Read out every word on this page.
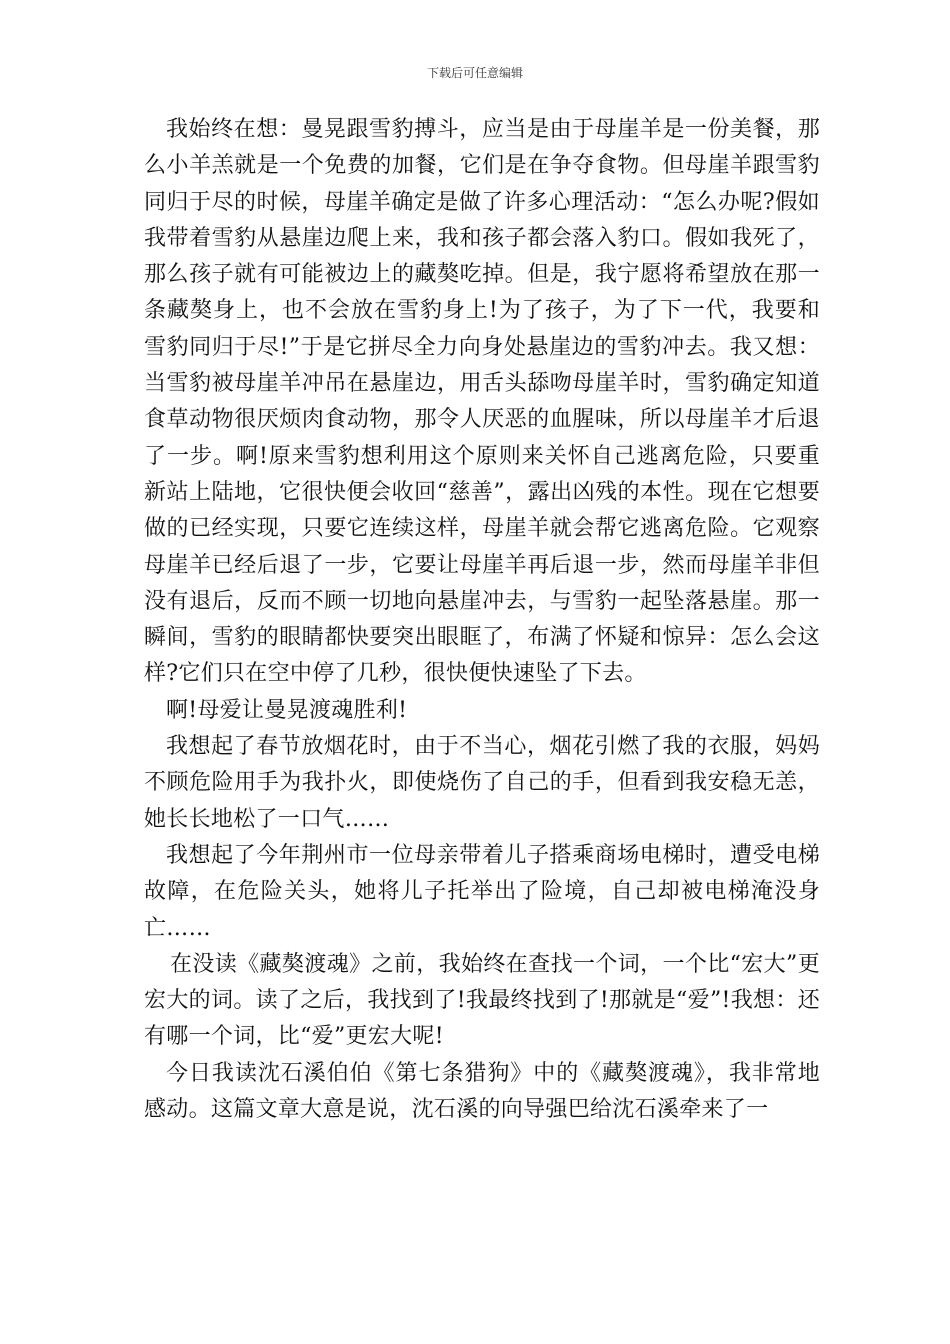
下载后可任意编辑

我始终在想：曼晃跟雪豹搏斗，应当是由于母崖羊是一份美餐，那么小羊羔就是一个免费的加餐，它们是在争夺食物。但母崖羊跟雪豹同归于尽的时候，母崖羊确定是做了许多心理活动：“怎么办呢?假如我带着雪豹从悬崖边爬上来，我和孩子都会落入豹口。假如我死了，那么孩子就有可能被边上的藏獒吃掉。但是，我宁愿将希望放在那一条藏獒身上，也不会放在雪豹身上!为了孩子，为了下一代，我要和雪豹同归于尽!”于是它拼尽全力向身处悬崖边的雪豹冲去。我又想：当雪豹被母崖羊冲吊在悬崖边，用舌头舔吻母崖羊时，雪豹确定知道食草动物很厌烦肉食动物，那令人厌恶的血腥味，所以母崖羊才后退了一步。啊!原来雪豹想利用这个原则来关怀自己逃离危险，只要重新站上陆地，它很快便会收回“慈善”，露出凶残的本性。现在它想要做的已经实现，只要它连续这样，母崖羊就会帮它逃离危险。它观察母崖羊已经后退了一步，它要让母崖羊再后退一步，然而母崖羊非但没有退后，反而不顾一切地向悬崖冲去，与雪豹一起坠落悬崖。那一瞬间，雪豹的眼睛都快要突出眼眶了，布满了怀疑和惊异：怎么会这样?它们只在空中停了几秒，很快便快速坠了下去。

啊!母爱让曼晃渡魂胜利!

我想起了春节放烟花时，由于不当心，烟花引燃了我的衣服，妈妈不顾危险用手为我扑火，即使烧伤了自己的手，但看到我安稳无恙，她长长地松了一口气……

我想起了今年荆州市一位母亲带着儿子搭乘商场电梯时，遭受电梯故障，在危险关头，她将儿子托举出了险境，自己却被电梯淹没身亡……

在没读《藏獒渡魂》之前，我始终在查找一个词，一个比“宏大”更宏大的词。读了之后，我找到了!我最终找到了!那就是“爱”!我想：还有哪一个词，比“爱”更宏大呢!

今日我读沈石溪伯伯《第七条猎狗》中的《藏獒渡魂》，我非常地感动。这篇文章大意是说，沈石溪的向导强巴给沈石溪牵来了一
